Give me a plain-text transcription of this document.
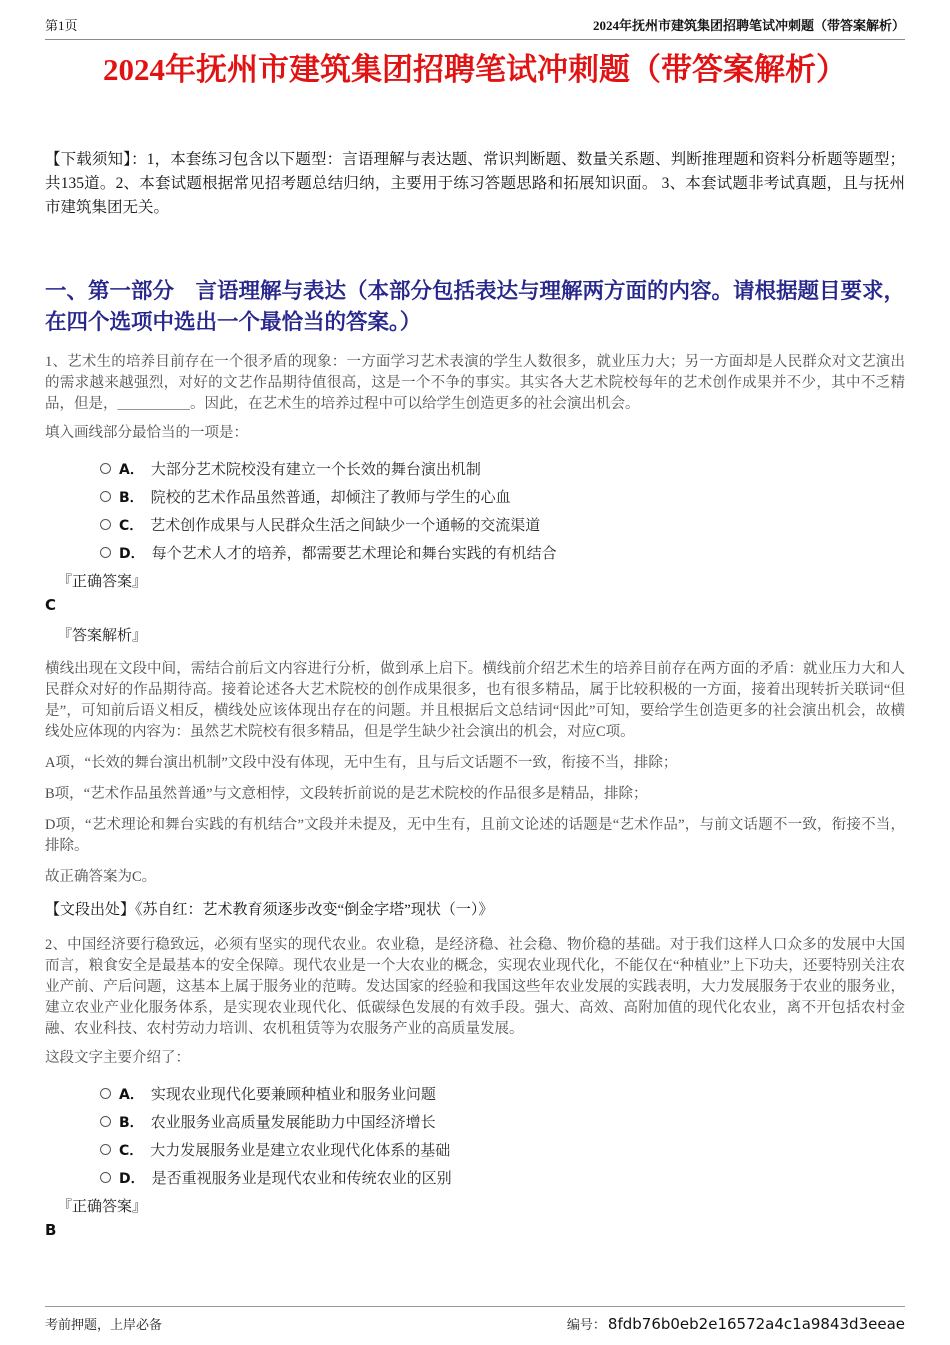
第1页	2024年抚州市建筑集团招聘笔试冲刺题（带答案解析）
2024年抚州市建筑集团招聘笔试冲刺题（带答案解析）

【下载须知】：1，本套练习包含以下题型：言语理解与表达题、常识判断题、数量关系题、判断推理题和资料分析题等题型；共135道。2、本套试题根据常见招考题总结归纳，主要用于练习答题思路和拓展知识面。 3、本套试题非考试真题，且与抚州市建筑集团无关。

一、第一部分　言语理解与表达（本部分包括表达与理解两方面的内容。请根据题目要求，在四个选项中选出一个最恰当的答案。）

1、艺术生的培养目前存在一个很矛盾的现象：一方面学习艺术表演的学生人数很多，就业压力大；另一方面却是人民群众对文艺演出的需求越来越强烈，对好的文艺作品期待值很高，这是一个不争的事实。其实各大艺术院校每年的艺术创作成果并不少，其中不乏精品，但是，＿＿＿＿＿。因此，在艺术生的培养过程中可以给学生创造更多的社会演出机会。

填入画线部分最恰当的一项是：

A． 大部分艺术院校没有建立一个长效的舞台演出机制
B． 院校的艺术作品虽然普通，却倾注了教师与学生的心血
C． 艺术创作成果与人民群众生活之间缺少一个通畅的交流渠道
D． 每个艺术人才的培养，都需要艺术理论和舞台实践的有机结合

『正确答案』

C

『答案解析』

横线出现在文段中间，需结合前后文内容进行分析，做到承上启下。横线前介绍艺术生的培养目前存在两方面的矛盾：就业压力大和人民群众对好的作品期待高。接着论述各大艺术院校的创作成果很多，也有很多精品，属于比较积极的一方面，接着出现转折关联词“但是”，可知前后语义相反，横线处应该体现出存在的问题。并且根据后文总结词“因此”可知，要给学生创造更多的社会演出机会，故横线处应体现的内容为：虽然艺术院校有很多精品，但是学生缺少社会演出的机会，对应C项。

A项，“长效的舞台演出机制”文段中没有体现，无中生有，且与后文话题不一致，衔接不当，排除；

B项，“艺术作品虽然普通”与文意相悖，文段转折前说的是艺术院校的作品很多是精品，排除；

D项，“艺术理论和舞台实践的有机结合”文段并未提及，无中生有，且前文论述的话题是“艺术作品”，与前文话题不一致，衔接不当，排除。

故正确答案为C。

【文段出处】《苏自红：艺术教育须逐步改变“倒金字塔”现状（一）》

2、中国经济要行稳致远，必须有坚实的现代农业。农业稳，是经济稳、社会稳、物价稳的基础。对于我们这样人口众多的发展中大国而言，粮食安全是最基本的安全保障。现代农业是一个大农业的概念，实现农业现代化，不能仅在“种植业”上下功夫，还要特别关注农业产前、产后问题，这基本上属于服务业的范畴。发达国家的经验和我国这些年农业发展的实践表明，大力发展服务于农业的服务业，建立农业产业化服务体系，是实现农业现代化、低碳绿色发展的有效手段。强大、高效、高附加值的现代化农业，离不开包括农村金融、农业科技、农村劳动力培训、农机租赁等为农服务产业的高质量发展。

这段文字主要介绍了：

A． 实现农业现代化要兼顾种植业和服务业问题
B． 农业服务业高质量发展能助力中国经济增长
C． 大力发展服务业是建立农业现代化体系的基础
D． 是否重视服务业是现代农业和传统农业的区别

『正确答案』

B

考前押题，上岸必备	编号： 8fdb76b0eb2e16572a4c1a9843d3eeae
